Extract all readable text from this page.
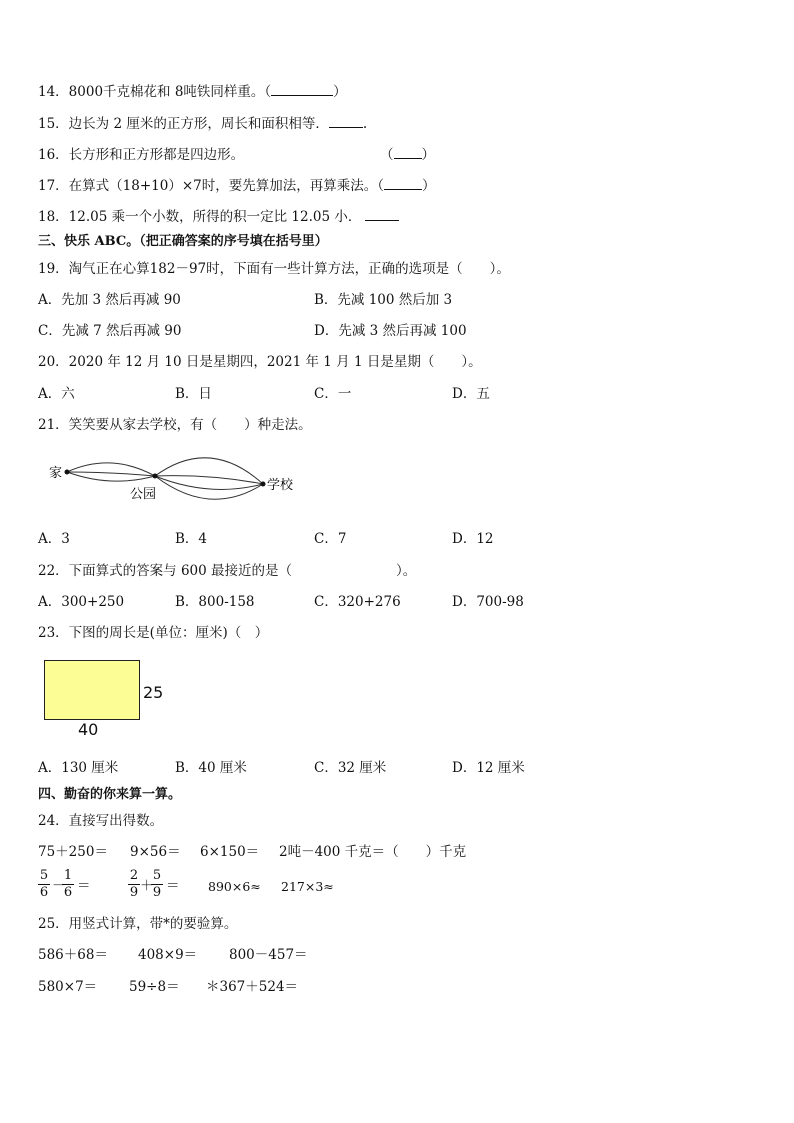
14．8000千克棉花和 8吨铁同样重。（	）
15．边长为 2 厘米的正方形，周长和面积相等．	.
16．长方形和正方形都是四边形。	（ ）
17．在算式（18+10）×7时，要先算加法，再算乘法。（	）
18．12.05 乘一个小数，所得的积一定比 12.05 小．
三、快乐 ABC。（把正确答案的序号填在括号里）
19．淘气正在心算182－97时，下面有一些计算方法，正确的选项是（　　）。
A．先加 3 然后再减 90	B．先减 100 然后加 3
C．先减 7 然后再减 90	D．先减 3 然后再减 100
20．2020 年 12 月 10 日是星期四，2021 年 1 月 1 日是星期（　　）。
A．六	B．日	C．一	D．五
21．笑笑要从家去学校，有（　　）种走法。
家
公园
学校
A．3	B．4	C．7	D．12
22．下面算式的答案与 600 最接近的是（	）。
A．300+250	B．800-158	C．320+276	D．700-98
23．下图的周长是(单位：厘米)（　）
25
40
A．130 厘米	B．40 厘米	C．32 厘米	D．12 厘米
四、勤奋的你来算一算。
24．直接写出得数。
75＋250＝ 9×56＝ 6×150＝ 2吨－400 千克＝（　　）千克
5
6 －
1
6 ＝
2
9 ＋
5
9 ＝ 890×6≈ 217×3≈
25．用竖式计算，带*的要验算。
586＋68＝ 408×9＝ 800－457＝
580×7＝ 59÷8＝ ＊367＋524＝
